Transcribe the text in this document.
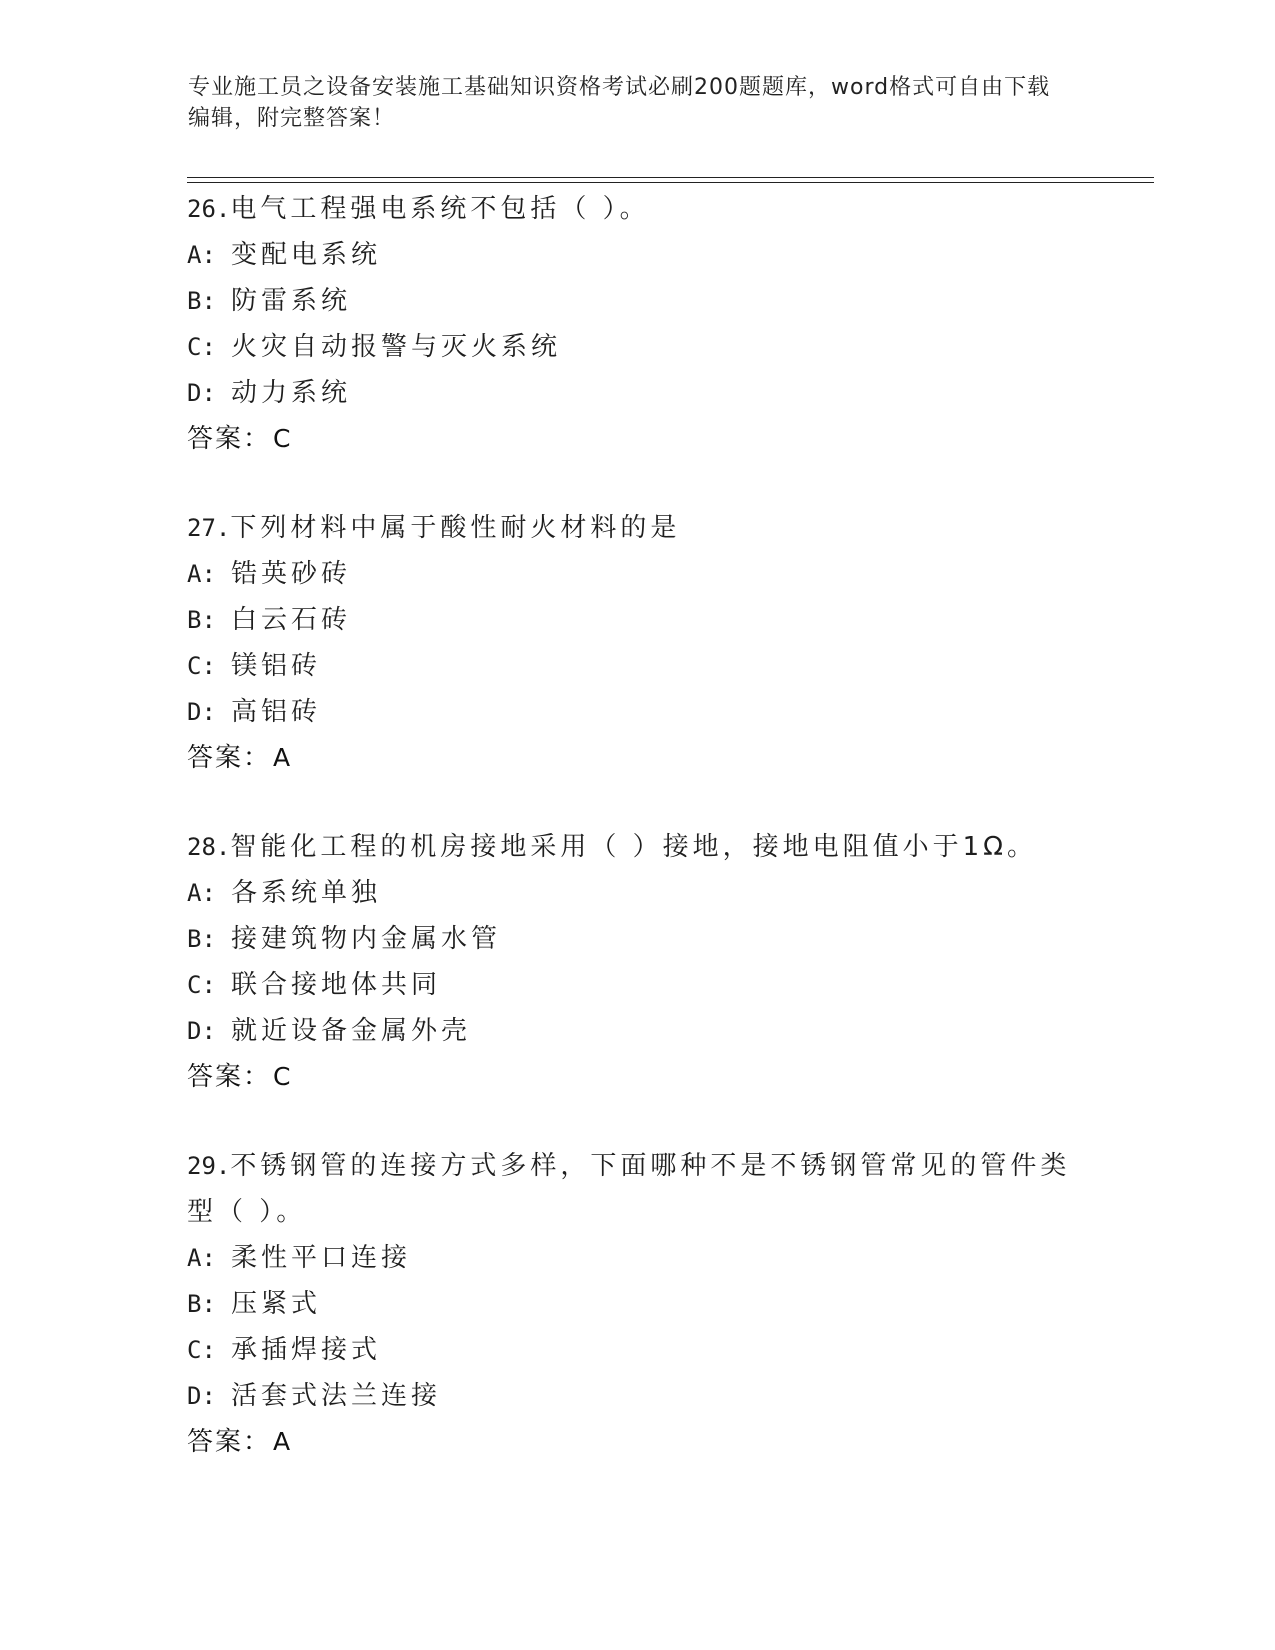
专业施工员之设备安装施工基础知识资格考试必刷200题题库，word格式可自由下载编辑，附完整答案！
26.电气工程强电系统不包括（ ）。
A: 变配电系统
B: 防雷系统
C: 火灾自动报警与灭火系统
D: 动力系统
答案：C
27.下列材料中属于酸性耐火材料的是
A: 锆英砂砖
B: 白云石砖
C: 镁铝砖
D: 高铝砖
答案：A
28.智能化工程的机房接地采用（ ）接地，接地电阻值小于1Ω。
A: 各系统单独
B: 接建筑物内金属水管
C: 联合接地体共同
D: 就近设备金属外壳
答案：C
29.不锈钢管的连接方式多样，下面哪种不是不锈钢管常见的管件类型（ ）。
A: 柔性平口连接
B: 压紧式
C: 承插焊接式
D: 活套式法兰连接
答案：A
